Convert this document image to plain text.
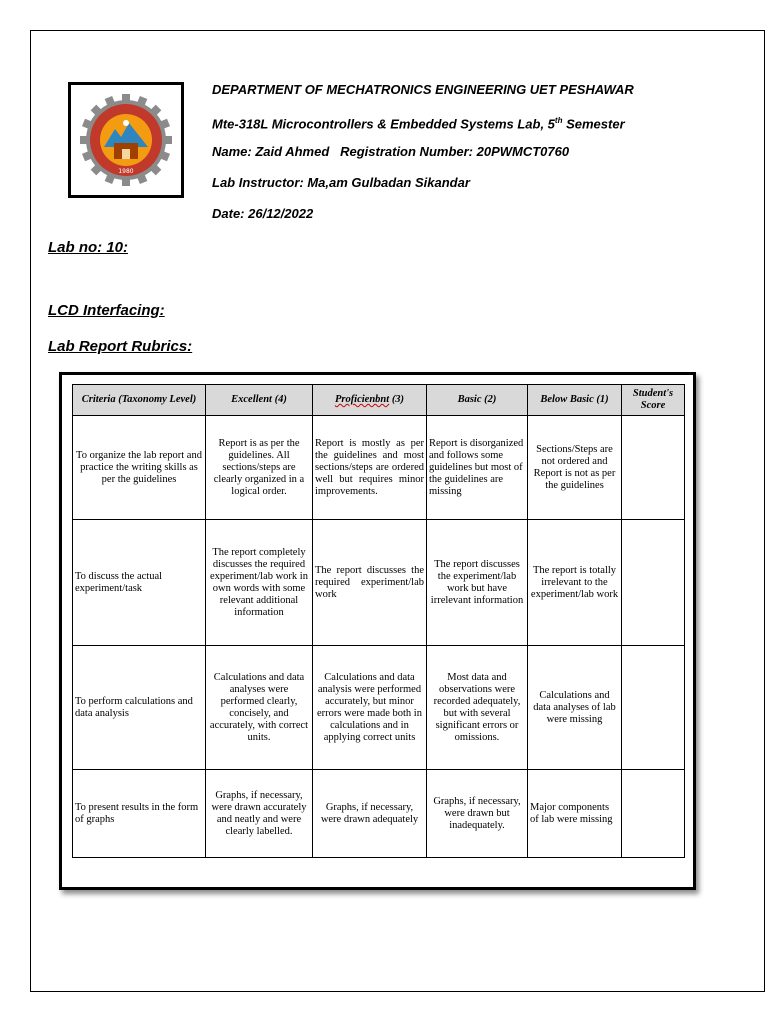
1980
DEPARTMENT OF MECHATRONICS ENGINEERING UET PESHAWAR
Mte-318L Microcontrollers & Embedded Systems Lab, 5th Semester
Name: Zaid Ahmed   Registration Number: 20PWMCT0760
Lab Instructor: Ma,am Gulbadan Sikandar
Date: 26/12/2022
Lab no: 10:
LCD Interfacing:
Lab Report Rubrics:
Criteria (Taxonomy Level)	Excellent (4)	Proficienbnt (3)	Basic (2)	Below Basic (1)	Student's Score
To organize the lab report and practice the writing skills as per the guidelines	Report is as per the guidelines. All sections/steps are clearly organized in a logical order.	Report is mostly as per the guidelines and most sections/steps are ordered well but requires minor improvements.	Report is disorganized and follows some guidelines but most of the guidelines are missing	Sections/Steps are not ordered and Report is not as per the guidelines	
To discuss the actual experiment/task	The report completely discusses the required experiment/lab work in own words with some relevant additional information	The report discusses the required experiment/lab work	The report discusses the experiment/lab work but have irrelevant information	The report is totally irrelevant to the experiment/lab work	
To perform calculations and data analysis	Calculations and data analyses were performed clearly, concisely, and accurately, with correct units.	Calculations and data analysis were performed accurately, but minor errors were made both in calculations and in applying correct units	Most data and observations were recorded adequately, but with several significant errors or omissions.	Calculations and data analyses of lab were missing	
To present results in the form of graphs	Graphs, if necessary, were drawn accurately and neatly and were clearly labelled.	Graphs, if necessary, were drawn adequately	Graphs, if necessary, were drawn but inadequately.	Major components of lab were missing	
